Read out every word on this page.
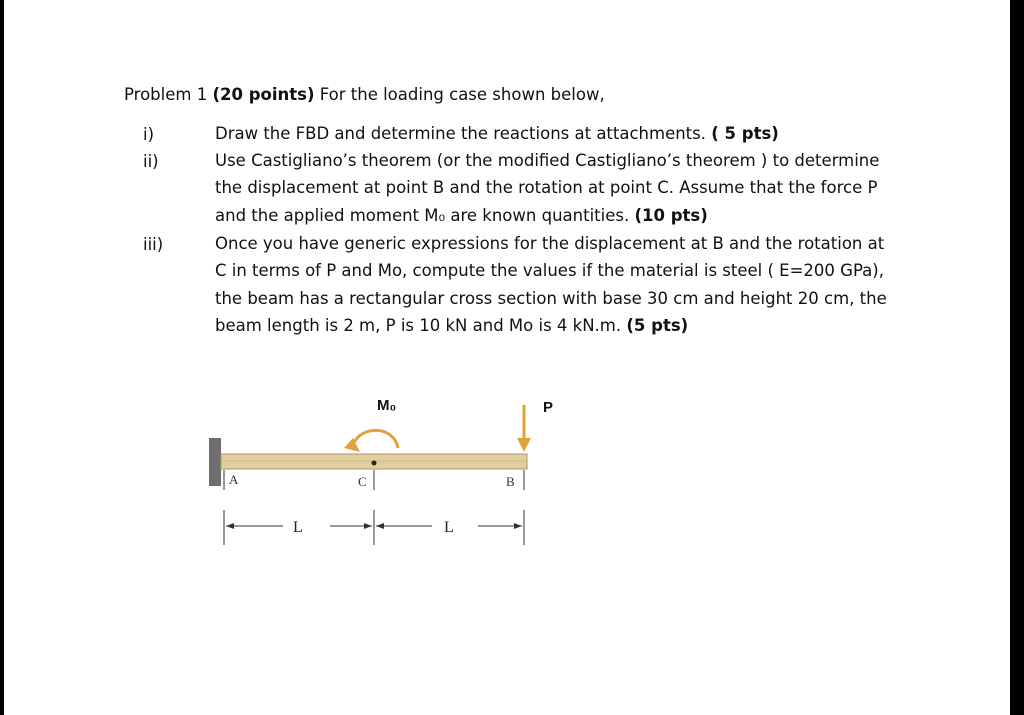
Problem 1 (20 points) For the loading case shown below,
i)	Draw the FBD and determine the reactions at attachments. ( 5 pts)
ii)	Use Castigliano’s theorem (or the modified Castigliano’s theorem ) to determine
the displacement at point B and the rotation at point C. Assume that the force P
and the applied moment M₀ are known quantities. (10 pts)
iii)	Once you have generic expressions for the displacement at B and the rotation at
C in terms of P and Mo, compute the values if the material is steel ( E=200 GPa),
the beam has a rectangular cross section with base 30 cm and height 20 cm, the
beam length is 2 m, P is 10 kN and Mo is 4 kN.m. (5 pts)
A	C	B
M₀	P
L	L
